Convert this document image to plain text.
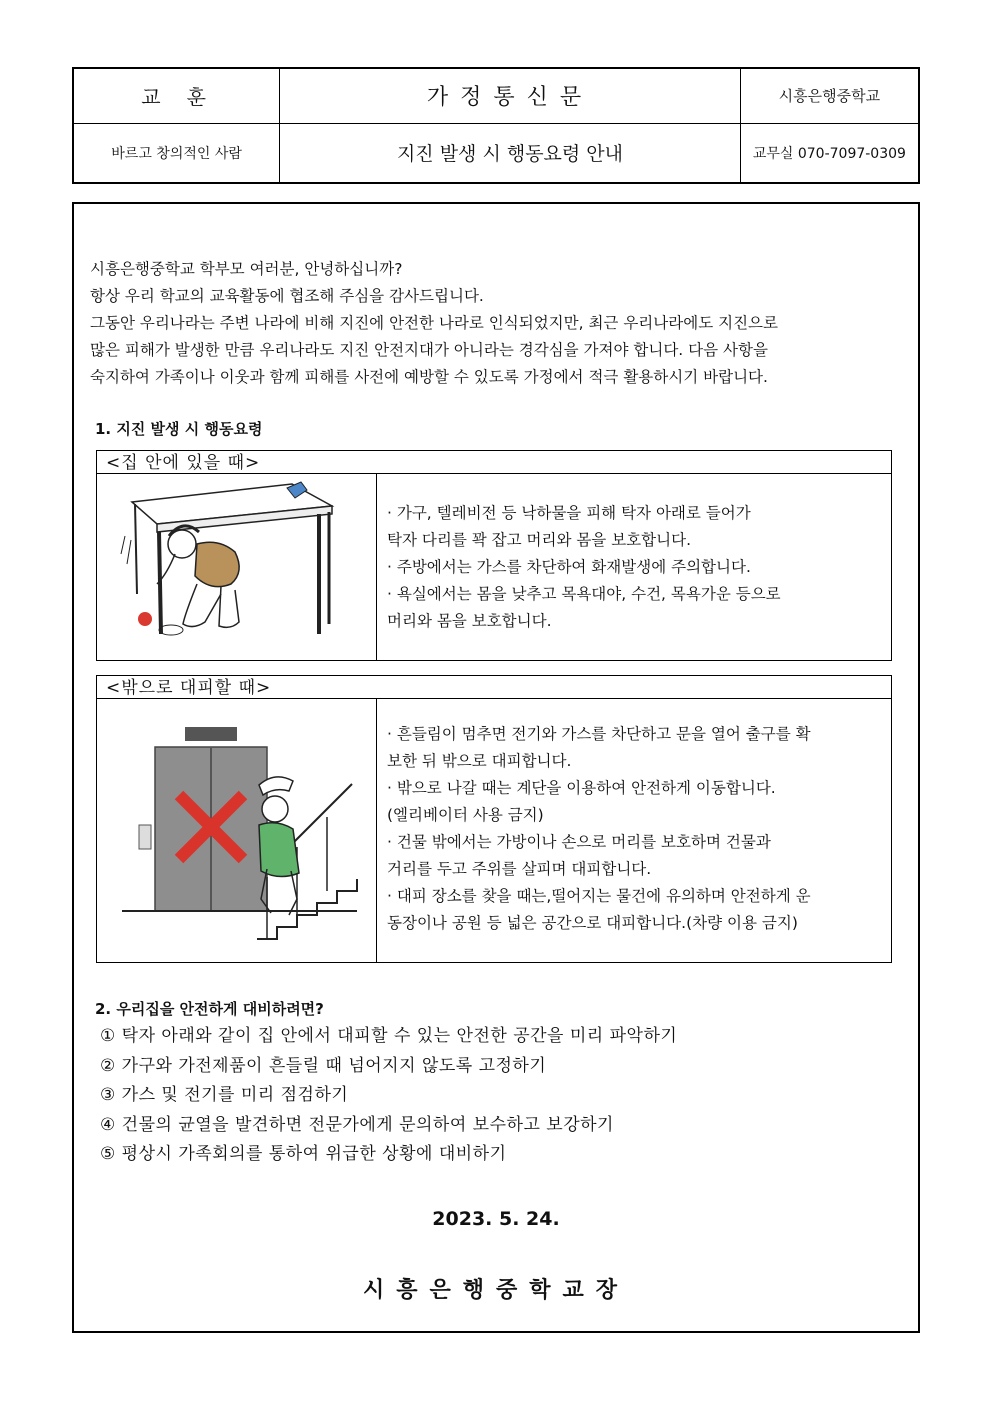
교훈	가정통신문	시흥은행중학교
바르고 창의적인 사람	지진 발생 시 행동요령 안내	교무실 070-7097-0309

시흥은행중학교 학부모 여러분, 안녕하십니까?

항상 우리 학교의 교육활동에 협조해 주심을 감사드립니다.

그동안 우리나라는 주변 나라에 비해 지진에 안전한 나라로 인식되었지만, 최근 우리나라에도 지진으로

많은 피해가 발생한 만큼 우리나라도 지진 안전지대가 아니라는 경각심을 가져야 합니다. 다음 사항을

숙지하여 가족이나 이웃과 함께 피해를 사전에 예방할 수 있도록 가정에서 적극 활용하시기 바랍니다.

1. 지진 발생 시 행동요령
<집 안에 있을 때>

· 가구, 텔레비전 등 낙하물을 피해 탁자 아래로 들어가

탁자 다리를 꽉 잡고 머리와 몸을 보호합니다.

· 주방에서는 가스를 차단하여 화재발생에 주의합니다.

· 욕실에서는 몸을 낮추고 목욕대야, 수건, 목욕가운 등으로

머리와 몸을 보호합니다.

<밖으로 대피할 때>

· 흔들림이 멈추면 전기와 가스를 차단하고 문을 열어 출구를 확

보한 뒤 밖으로 대피합니다.

· 밖으로 나갈 때는 계단을 이용하여 안전하게 이동합니다.

(엘리베이터 사용 금지)

· 건물 밖에서는 가방이나 손으로 머리를 보호하며 건물과

거리를 두고 주위를 살피며 대피합니다.

· 대피 장소를 찾을 때는,떨어지는 물건에 유의하며 안전하게 운

동장이나 공원 등 넓은 공간으로 대피합니다.(차량 이용 금지)

2. 우리집을 안전하게 대비하려면?

① 탁자 아래와 같이 집 안에서 대피할 수 있는 안전한 공간을 미리 파악하기

② 가구와 가전제품이 흔들릴 때 넘어지지 않도록 고정하기

③ 가스 및 전기를 미리 점검하기

④ 건물의 균열을 발견하면 전문가에게 문의하여 보수하고 보강하기

⑤ 평상시 가족회의를 통하여 위급한 상황에 대비하기

2023. 5. 24.
시흥은행중학교장
